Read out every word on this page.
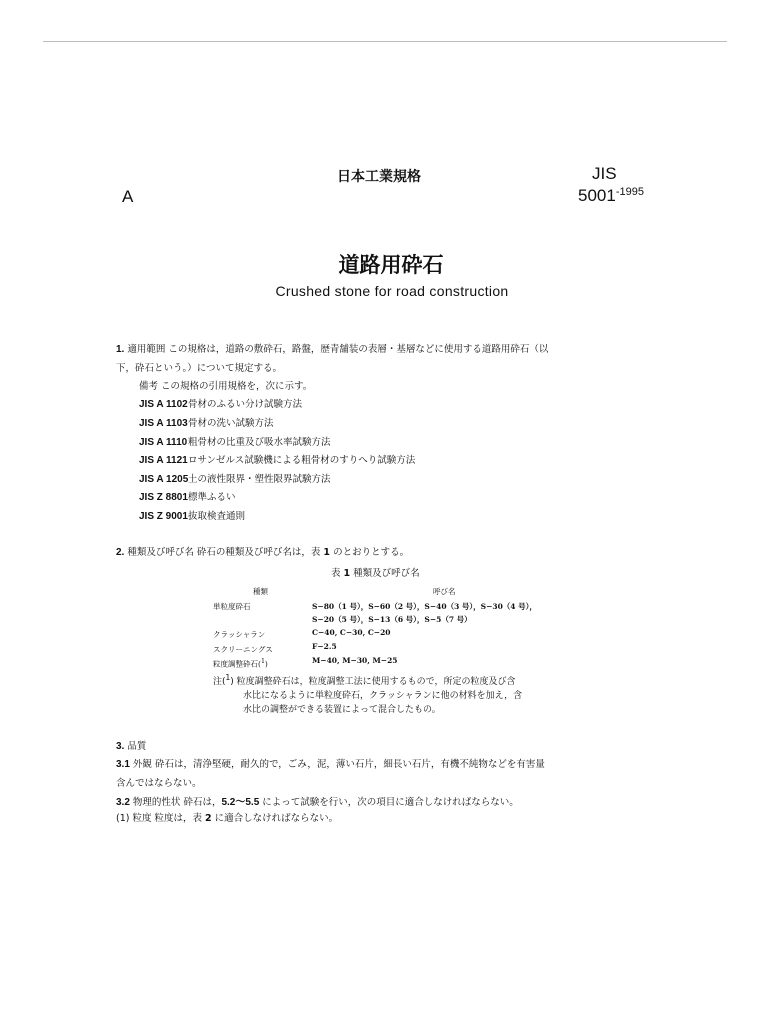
日本工業規格	JIS
A	$5001^{-1995}$
道路用砕石
Crushed stone for road construction
1. 適用範囲 この規格は，道路の敷砕石，路盤，歴青舗装の表層・基層などに使用する道路用砕石（以
下，砕石という。）について規定する。
備考 この規格の引用規格を，次に示す。
JIS A 1102 骨材のふるい分け試験方法
JIS A 1103 骨材の洗い試験方法
JIS A 1110 粗骨材の比重及び吸水率試験方法
JIS A 1121 ロサンゼルス試験機による粗骨材のすりへり試験方法
JIS A 1205 土の液性限界・塑性限界試験方法
JIS Z 8801 標準ふるい
JIS Z 9001 抜取検査通則
2. 種類及び呼び名 砕石の種類及び呼び名は，表 1 のとおりとする。
表 1 種類及び呼び名
種類	呼び名
単粒度砕石	S−80（1 号），S−60（2 号），S−40（3 号），S−30（4 号），
S−20（5 号），S−13（6 号），S−5（7 号）
クラッシャラン	C−40, C−30, C−20
スクリーニングス	F−2.5
粒度調整砕石($^1$)	M−40, M−30, M−25
注($^1$) 粒度調整砕石は，粒度調整工法に使用するもので，所定の粒度及び含
水比になるように単粒度砕石，クラッシャランに他の材料を加え，含
水比の調整ができる装置によって混合したもの。
3. 品質
3.1 外観 砕石は，清浄堅硬，耐久的で，ごみ，泥，薄い石片，細長い石片，有機不純物などを有害量
含んではならない。
3.2 物理的性状 砕石は，5.2〜5.5 によって試験を行い，次の項目に適合しなければならない。
(1) 粒度 粒度は，表 2 に適合しなければならない。
